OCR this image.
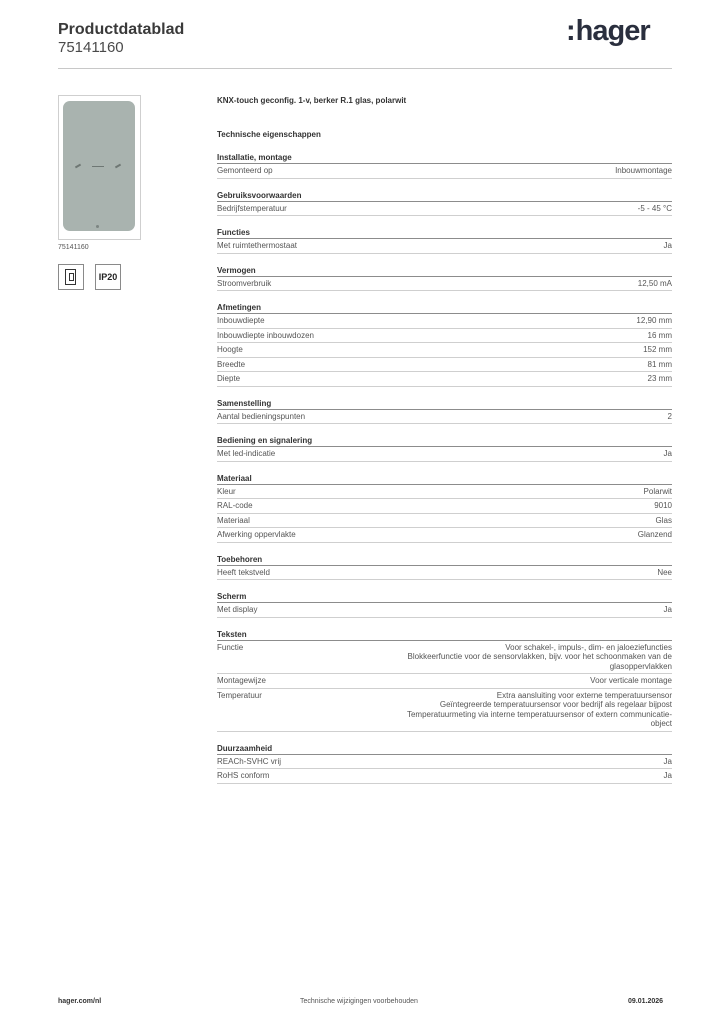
Productdatablad
75141160
:hager
75141160
IP20
KNX-touch geconfig. 1-v, berker R.1 glas, polarwit
Technische eigenschappen
Installatie, montage
Gemonteerd op	Inbouwmontage
Gebruiksvoorwaarden
Bedrijfstemperatuur	-5 - 45 °C
Functies
Met ruimtethermostaat	Ja
Vermogen
Stroomverbruik	12,50 mA
Afmetingen
Inbouwdiepte	12,90 mm
Inbouwdiepte inbouwdozen	16 mm
Hoogte	152 mm
Breedte	81 mm
Diepte	23 mm
Samenstelling
Aantal bedieningspunten	2
Bediening en signalering
Met led-indicatie	Ja
Materiaal
Kleur	Polarwit
RAL-code	9010
Materiaal	Glas
Afwerking oppervlakte	Glanzend
Toebehoren
Heeft tekstveld	Nee
Scherm
Met display	Ja
Teksten
Functie	Voor schakel-, impuls-, dim- en jaloeziefuncties
Blokkeerfunctie voor de sensorvlakken, bijv. voor het schoonmaken van de
glasoppervlakken
Montagewijze	Voor verticale montage
Temperatuur	Extra aansluiting voor externe temperatuursensor
Geïntegreerde temperatuursensor voor bedrijf als regelaar bijpost
Temperatuurmeting via interne temperatuursensor of extern communicatie-
object
Duurzaamheid
REACh-SVHC vrij	Ja
RoHS conform	Ja
hager.com/nl	Technische wijzigingen voorbehouden	09.01.2026
